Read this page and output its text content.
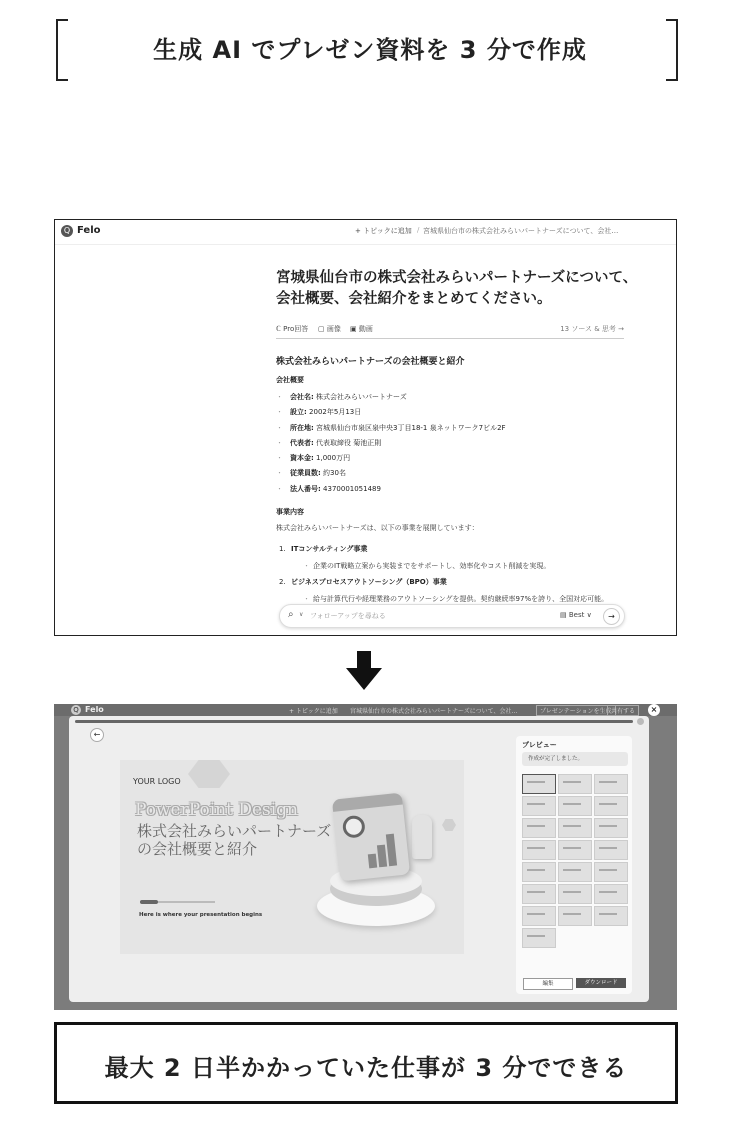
生成 AI でプレゼン資料を 3 分で作成
Q Felo	+ トピックに追加 / 宮城県仙台市の株式会社みらいパートナーズについて、会社…
宮城県仙台市の株式会社みらいパートナーズについて、
会社概要、会社紹介をまとめてください。
ℂ Pro回答 ▢ 画像 ▣ 動画	13 ソース & 思考 →
株式会社みらいパートナーズの会社概要と紹介
会社概要
・ 会社名: 株式会社みらいパートナーズ
・ 設立: 2002年5月13日
・ 所在地: 宮城県仙台市泉区泉中央3丁目18-1 泉ネットワーク7ビル2F
・ 代表者: 代表取締役 菊池正則
・ 資本金: 1,000万円
・ 従業員数: 約30名
・ 法人番号: 4370001051489
事業内容
株式会社みらいパートナーズは、以下の事業を展開しています：
1. ITコンサルティング事業
・ 企業のIT戦略立案から実装までをサポートし、効率化やコスト削減を実現。
2. ビジネスプロセスアウトソーシング（BPO）事業
・ 給与計算代行や経理業務のアウトソーシングを提供。契約継続率97%を誇り、全国対応可能。
⌕ ∨ フォローアップを尋ねる	▤ Best ∨	→
Q Felo	+ トピックに追加 宮城県仙台市の株式会社みらいパートナーズについて、会社…	プレゼンテーションを生成 共有する	×
←
YOUR LOGO
PowerPoint Design
株式会社みらいパートナーズの会社概要と紹介
Here is where your presentation begins
プレビュー
作成が完了しました。
編集	ダウンロード
最大 2 日半かかっていた仕事が 3 分でできる
